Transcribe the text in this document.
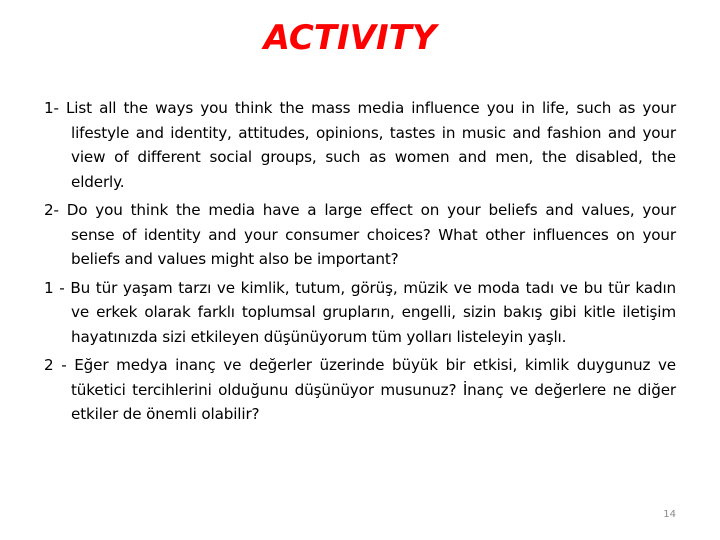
ACTIVITY

1- List all the ways you think the mass media influence you in life, such as your lifestyle and identity, attitudes, opinions, tastes in music and fashion and your view of different social groups, such as women and men, the disabled, the elderly.

2- Do you think the media have a large effect on your beliefs and values, your sense of identity and your consumer choices? What other influences on your beliefs and values might also be important?

1 - Bu tür yaşam tarzı ve kimlik, tutum, görüş, müzik ve moda tadı ve bu tür kadın ve erkek olarak farklı toplumsal grupların, engelli, sizin bakış gibi kitle iletişim hayatınızda sizi etkileyen düşünüyorum tüm yolları listeleyin yaşlı.

2 - Eğer medya inanç ve değerler üzerinde büyük bir etkisi, kimlik duygunuz ve tüketici tercihlerini olduğunu düşünüyor musunuz? İnanç ve değerlere ne diğer etkiler de önemli olabilir?

14
